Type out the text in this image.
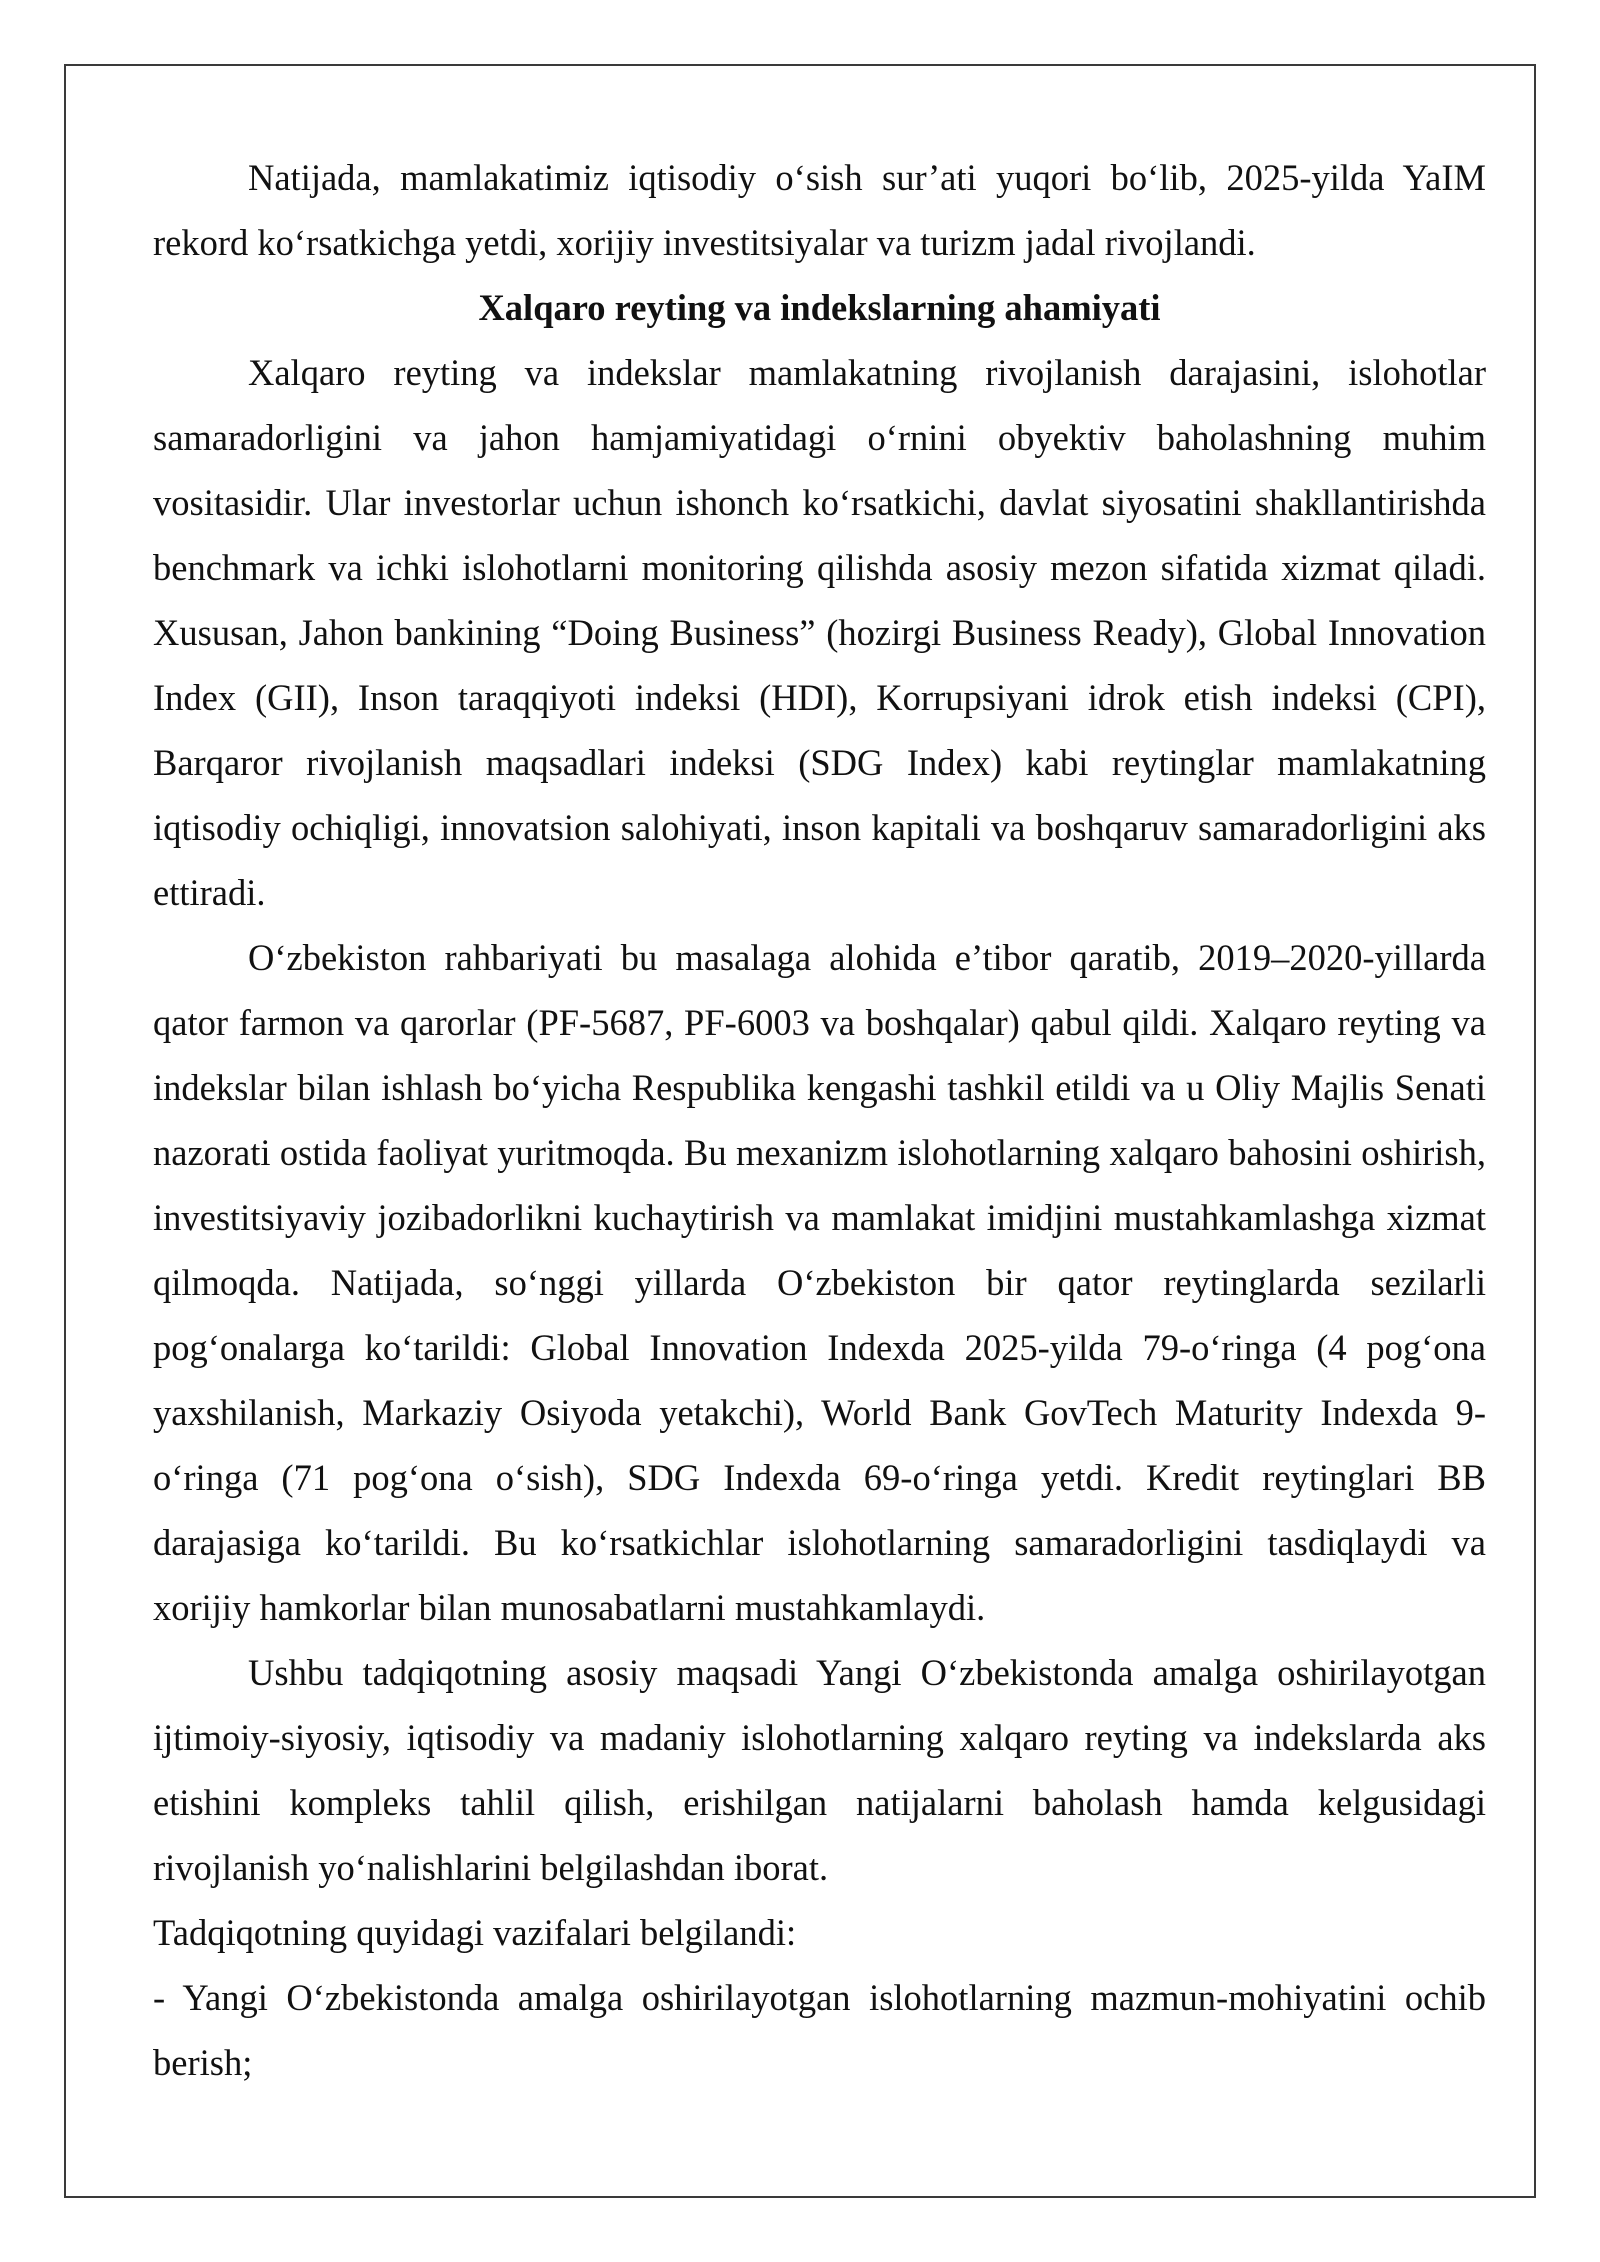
Natijada, mamlakatimiz iqtisodiy o‘sish sur’ati yuqori bo‘lib, 2025-yilda YaIM rekord ko‘rsatkichga yetdi, xorijiy investitsiyalar va turizm jadal rivojlandi.

Xalqaro reyting va indekslarning ahamiyati

Xalqaro reyting va indekslar mamlakatning rivojlanish darajasini, islohotlar samaradorligini va jahon hamjamiyatidagi o‘rnini obyektiv baholashning muhim vositasidir. Ular investorlar uchun ishonch ko‘rsatkichi, davlat siyosatini shakllantirishda benchmark va ichki islohotlarni monitoring qilishda asosiy mezon sifatida xizmat qiladi. Xususan, Jahon bankining “Doing Business” (hozirgi Business Ready), Global Innovation Index (GII), Inson taraqqiyoti indeksi (HDI), Korrupsiyani idrok etish indeksi (CPI), Barqaror rivojlanish maqsadlari indeksi (SDG Index) kabi reytinglar mamlakatning iqtisodiy ochiqligi, innovatsion salohiyati, inson kapitali va boshqaruv samaradorligini aks ettiradi.

O‘zbekiston rahbariyati bu masalaga alohida e’tibor qaratib, 2019–2020-yillarda qator farmon va qarorlar (PF-5687, PF-6003 va boshqalar) qabul qildi. Xalqaro reyting va indekslar bilan ishlash bo‘yicha Respublika kengashi tashkil etildi va u Oliy Majlis Senati nazorati ostida faoliyat yuritmoqda. Bu mexanizm islohotlarning xalqaro bahosini oshirish, investitsiyaviy jozibadorlikni kuchaytirish va mamlakat imidjini mustahkamlashga xizmat qilmoqda. Natijada, so‘nggi yillarda O‘zbekiston bir qator reytinglarda sezilarli pog‘onalarga ko‘tarildi: Global Innovation Indexda 2025-yilda 79-o‘ringa (4 pog‘ona yaxshilanish, Markaziy Osiyoda yetakchi), World Bank GovTech Maturity Indexda 9-o‘ringa (71 pog‘ona o‘sish), SDG Indexda 69-o‘ringa yetdi. Kredit reytinglari BB darajasiga ko‘tarildi. Bu ko‘rsatkichlar islohotlarning samaradorligini tasdiqlaydi va xorijiy hamkorlar bilan munosabatlarni mustahkamlaydi.

Ushbu tadqiqotning asosiy maqsadi Yangi O‘zbekistonda amalga oshirilayotgan ijtimoiy-siyosiy, iqtisodiy va madaniy islohotlarning xalqaro reyting va indekslarda aks etishini kompleks tahlil qilish, erishilgan natijalarni baholash hamda kelgusidagi rivojlanish yo‘nalishlarini belgilashdan iborat.

Tadqiqotning quyidagi vazifalari belgilandi:

- Yangi O‘zbekistonda amalga oshirilayotgan islohotlarning mazmun-mohiyatini ochib berish;
